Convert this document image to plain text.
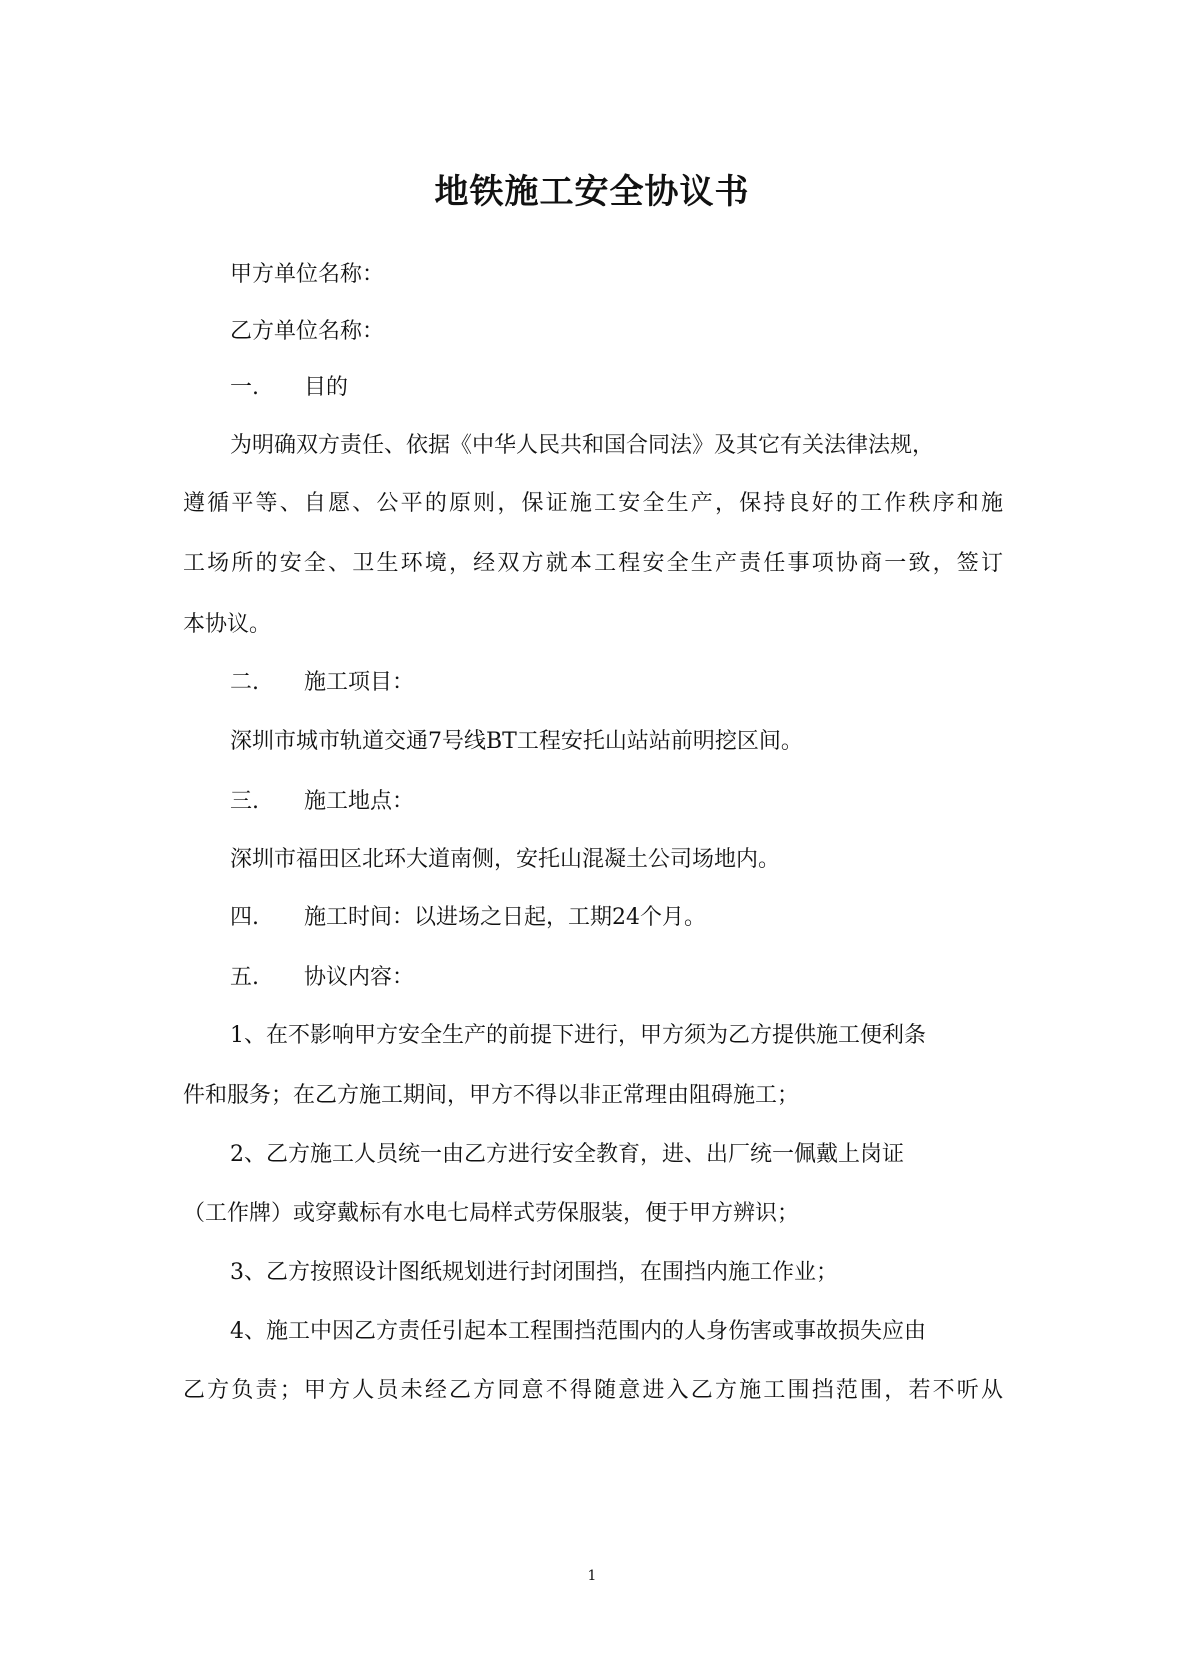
地铁施工安全协议书
甲方单位名称：
乙方单位名称：
一. 目的
为明确双方责任、依据《中华人民共和国合同法》及其它有关法律法规，
遵循平等、自愿、公平的原则，保证施工安全生产，保持良好的工作秩序和施
工场所的安全、卫生环境，经双方就本工程安全生产责任事项协商一致，签订
本协议。
二. 施工项目：
深圳市城市轨道交通7号线BT工程安托山站站前明挖区间。
三. 施工地点：
深圳市福田区北环大道南侧，安托山混凝土公司场地内。
四. 施工时间：以进场之日起，工期24个月。
五. 协议内容：
1、在不影响甲方安全生产的前提下进行，甲方须为乙方提供施工便利条
件和服务；在乙方施工期间，甲方不得以非正常理由阻碍施工；
2、乙方施工人员统一由乙方进行安全教育，进、出厂统一佩戴上岗证
（工作牌）或穿戴标有水电七局样式劳保服装，便于甲方辨识；
3、乙方按照设计图纸规划进行封闭围挡，在围挡内施工作业；
4、施工中因乙方责任引起本工程围挡范围内的人身伤害或事故损失应由
乙方负责；甲方人员未经乙方同意不得随意进入乙方施工围挡范围，若不听从
1
